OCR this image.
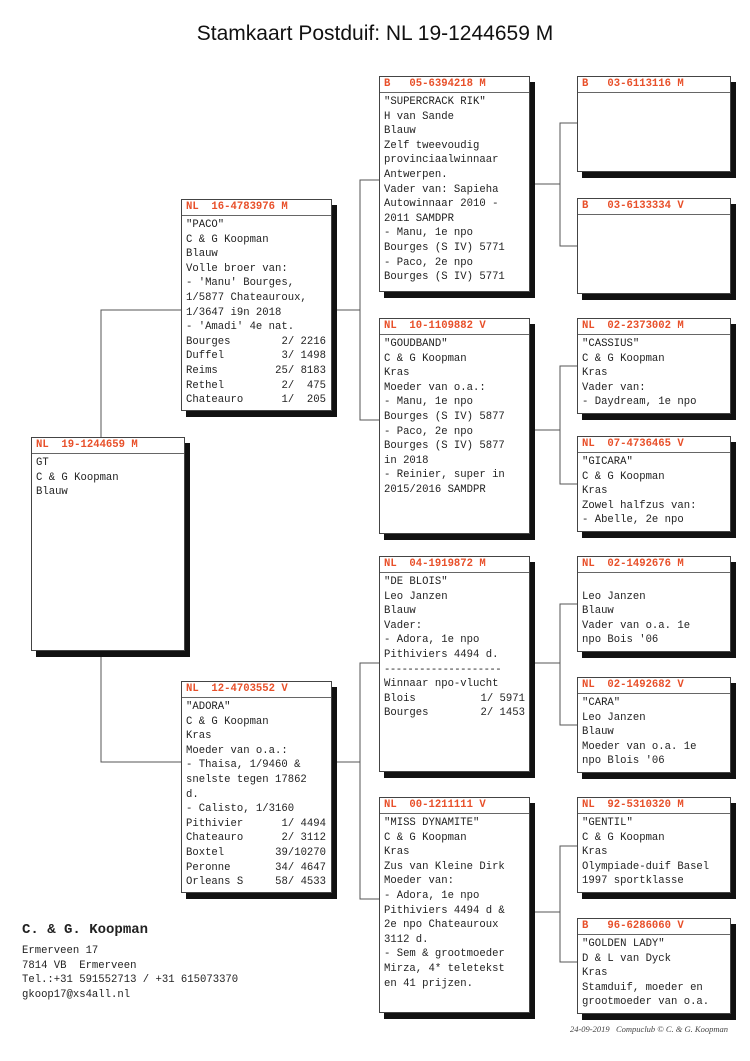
Stamkaart Postduif: NL 19-1244659 M
NL  19-1244659 M
GT
C & G Koopman
Blauw
NL  16-4783976 M
"PACO"
C & G Koopman
Blauw
Volle broer van:
- 'Manu' Bourges,
1/5877 Chateauroux,
1/3647 i9n 2018
- 'Amadi' 4e nat.
Bourges	2/ 2216
Duffel	3/ 1498
Reims	25/ 8183
Rethel	2/  475
Chateauro	1/  205
NL  12-4703552 V
"ADORA"
C & G Koopman
Kras
Moeder van o.a.:
- Thaisa, 1/9460 &
snelste tegen 17862
d.
- Calisto, 1/3160
Pithivier	1/ 4494
Chateauro	2/ 3112
Boxtel	39/10270
Peronne	34/ 4647
Orleans S	58/ 4533
B   05-6394218 M
"SUPERCRACK RIK"
H van Sande
Blauw
Zelf tweevoudig
provinciaalwinnaar
Antwerpen.
Vader van: Sapieha
Autowinnaar 2010 -
2011 SAMDPR
- Manu, 1e npo
Bourges (S IV) 5771
- Paco, 2e npo
Bourges (S IV) 5771
NL  10-1109882 V
"GOUDBAND"
C & G Koopman
Kras
Moeder van o.a.:
- Manu, 1e npo
Bourges (S IV) 5877
- Paco, 2e npo
Bourges (S IV) 5877
in 2018
- Reinier, super in
2015/2016 SAMDPR
NL  04-1919872 M
"DE BLOIS"
Leo Janzen
Blauw
Vader:
- Adora, 1e npo
Pithiviers 4494 d.
--------------------
Winnaar npo-vlucht
Blois	1/ 5971
Bourges	2/ 1453
NL  00-1211111 V
"MISS DYNAMITE"
C & G Koopman
Kras
Zus van Kleine Dirk
Moeder van:
- Adora, 1e npo
Pithiviers 4494 d &
2e npo Chateauroux
3112 d.
- Sem & grootmoeder
Mirza, 4* teletekst
en 41 prijzen.
B   03-6113116 M
B   03-6133334 V
NL  02-2373002 M
"CASSIUS"
C & G Koopman
Kras
Vader van:
- Daydream, 1e npo
NL  07-4736465 V
"GICARA"
C & G Koopman
Kras
Zowel halfzus van:
- Abelle, 2e npo
NL  02-1492676 M
Leo Janzen
Blauw
Vader van o.a. 1e
npo Bois '06
NL  02-1492682 V
"CARA"
Leo Janzen
Blauw
Moeder van o.a. 1e
npo Blois '06
NL  92-5310320 M
"GENTIL"
C & G Koopman
Kras
Olympiade-duif Basel
1997 sportklasse
B   96-6286060 V
"GOLDEN LADY"
D & L van Dyck
Kras
Stamduif, moeder en
grootmoeder van o.a.
C. & G. Koopman
Ermerveen 17
7814 VB  Ermerveen
Tel.:+31 591552713 / +31 615073370
gkoop17@xs4all.nl
24-09-2019   Compuclub © C. & G. Koopman
